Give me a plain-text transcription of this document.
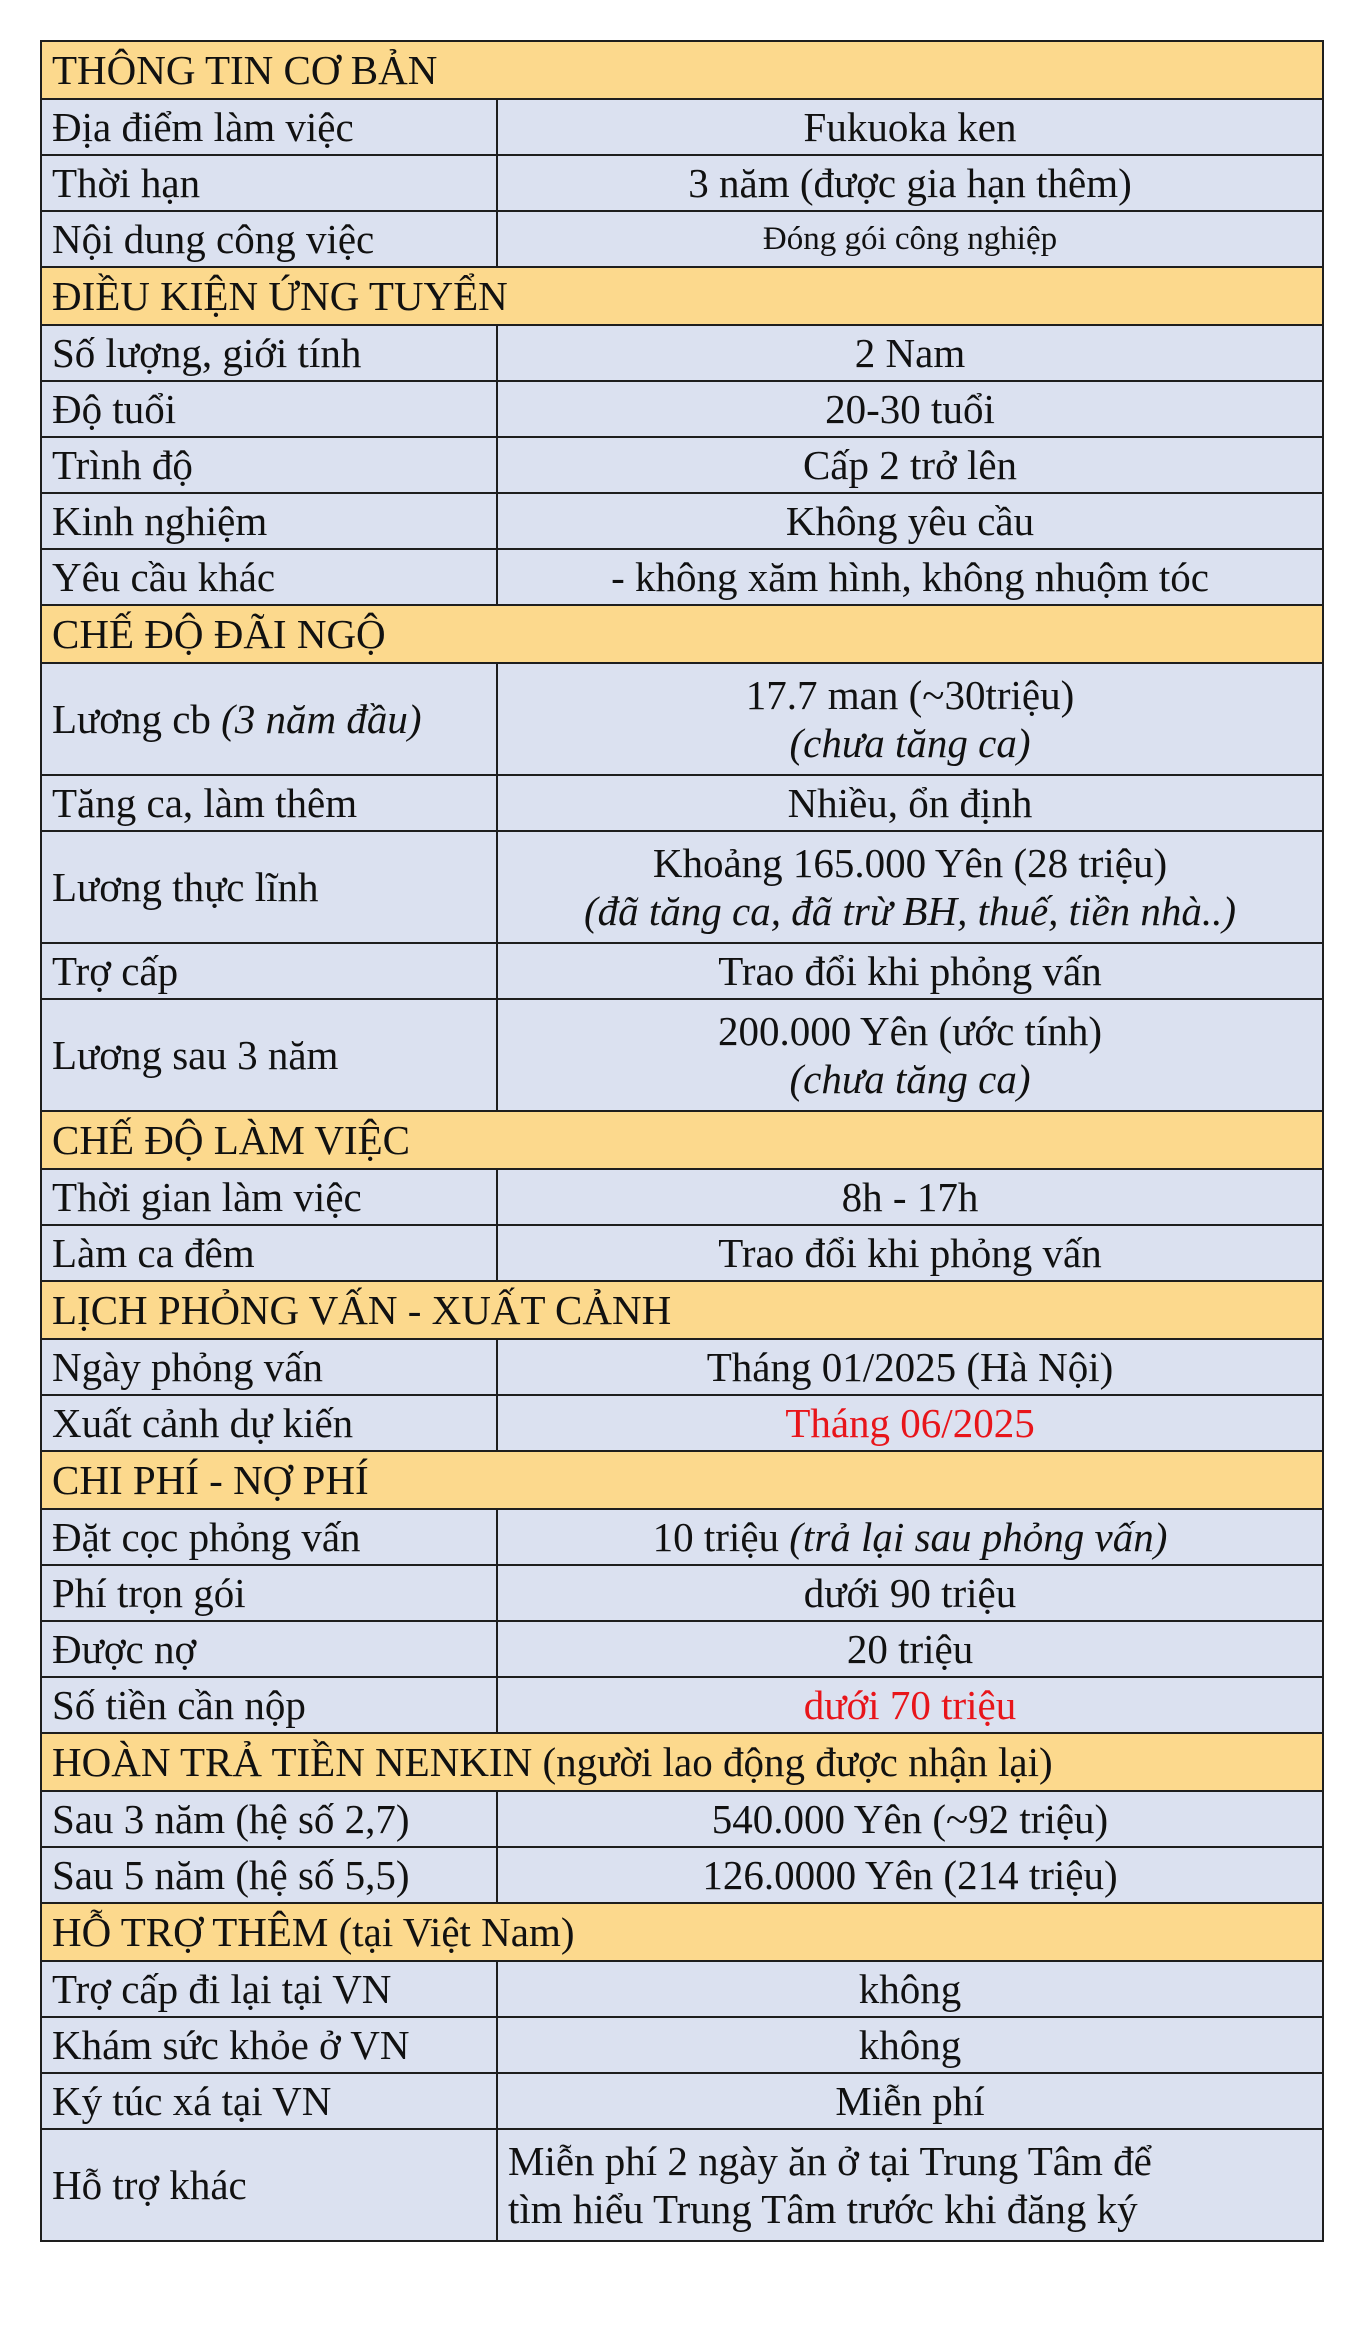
THÔNG TIN CƠ BẢN	
Địa điểm làm việc	Fukuoka ken
Thời hạn	3 năm (được gia hạn thêm)
Nội dung công việc	Đóng gói công nghiệp
ĐIỀU KIỆN ỨNG TUYỂN	
Số lượng, giới tính	2 Nam
Độ tuổi	20-30 tuổi
Trình độ	Cấp 2 trở lên
Kinh nghiệm	Không yêu cầu
Yêu cầu khác	- không xăm hình, không nhuộm tóc
CHẾ ĐỘ ĐÃI NGỘ	
Lương cb (3 năm đầu)	17.7 man (~30triệu)
(chưa tăng ca)

Tăng ca, làm thêm	Nhiều, ổn định
Lương thực lĩnh	Khoảng 165.000 Yên (28 triệu)
(đã tăng ca, đã trừ BH, thuế, tiền nhà..)

Trợ cấp	Trao đổi khi phỏng vấn
Lương sau 3 năm	200.000 Yên (ước tính)
(chưa tăng ca)

CHẾ ĐỘ LÀM VIỆC	
Thời gian làm việc	8h - 17h
Làm ca đêm	Trao đổi khi phỏng vấn
LỊCH PHỎNG VẤN - XUẤT CẢNH	
Ngày phỏng vấn	Tháng 01/2025 (Hà Nội)
Xuất cảnh dự kiến	Tháng 06/2025
CHI PHÍ - NỢ PHÍ	
Đặt cọc phỏng vấn	10 triệu (trả lại sau phỏng vấn)
Phí trọn gói	dưới 90 triệu
Được nợ	20 triệu
Số tiền cần nộp	dưới 70 triệu
HOÀN TRẢ TIỀN NENKIN (người lao động được nhận lại)	
Sau 3 năm (hệ số 2,7)	540.000 Yên (~92 triệu)
Sau 5 năm (hệ số 5,5)	126.0000 Yên (214 triệu)
HỖ TRỢ THÊM (tại Việt Nam)	
Trợ cấp đi lại tại VN	không
Khám sức khỏe ở VN	không
Ký túc xá tại VN	Miễn phí
Hỗ trợ khác	Miễn phí 2 ngày ăn ở tại Trung Tâm để
tìm hiểu Trung Tâm trước khi đăng ký
